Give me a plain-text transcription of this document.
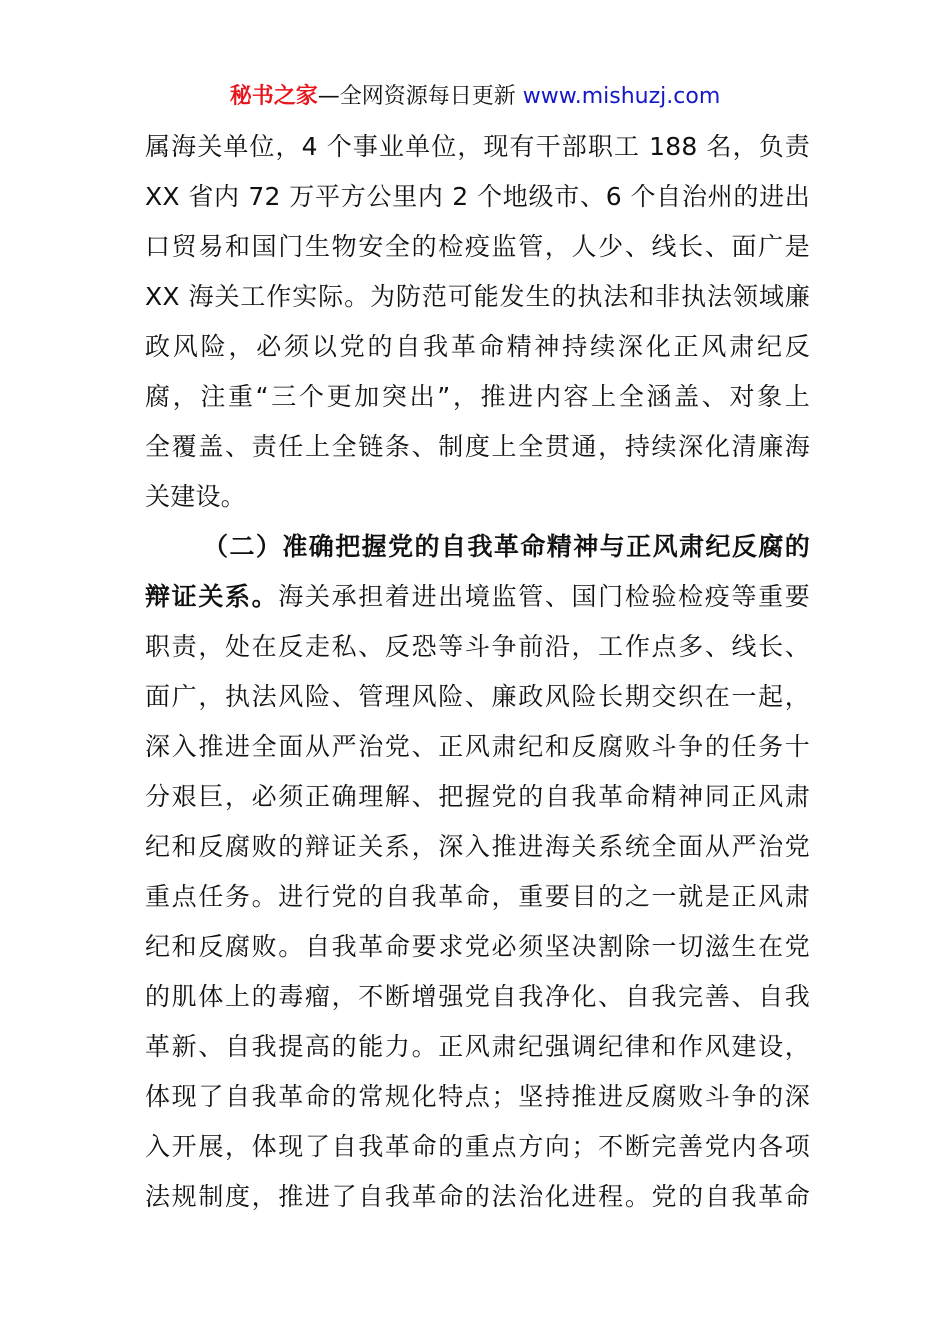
秘书之家—全网资源每日更新 www.mishuzj.com
属海关单位，4 个事业单位，现有干部职工 188 名，负责
XX 省内 72 万平方公里内 2 个地级市、6 个自治州的进出
口贸易和国门生物安全的检疫监管，人少、线长、面广是
XX 海关工作实际。为防范可能发生的执法和非执法领域廉
政风险，必须以党的自我革命精神持续深化正风肃纪反
腐，注重“三个更加突出”，推进内容上全涵盖、对象上
全覆盖、责任上全链条、制度上全贯通，持续深化清廉海
关建设。
（二）准确把握党的自我革命精神与正风肃纪反腐的
辩证关系。海关承担着进出境监管、国门检验检疫等重要
职责，处在反走私、反恐等斗争前沿，工作点多、线长、
面广，执法风险、管理风险、廉政风险长期交织在一起，
深入推进全面从严治党、正风肃纪和反腐败斗争的任务十
分艰巨，必须正确理解、把握党的自我革命精神同正风肃
纪和反腐败的辩证关系，深入推进海关系统全面从严治党
重点任务。进行党的自我革命，重要目的之一就是正风肃
纪和反腐败。自我革命要求党必须坚决割除一切滋生在党
的肌体上的毒瘤，不断增强党自我净化、自我完善、自我
革新、自我提高的能力。正风肃纪强调纪律和作风建设，
体现了自我革命的常规化特点；坚持推进反腐败斗争的深
入开展，体现了自我革命的重点方向；不断完善党内各项
法规制度，推进了自我革命的法治化进程。党的自我革命
